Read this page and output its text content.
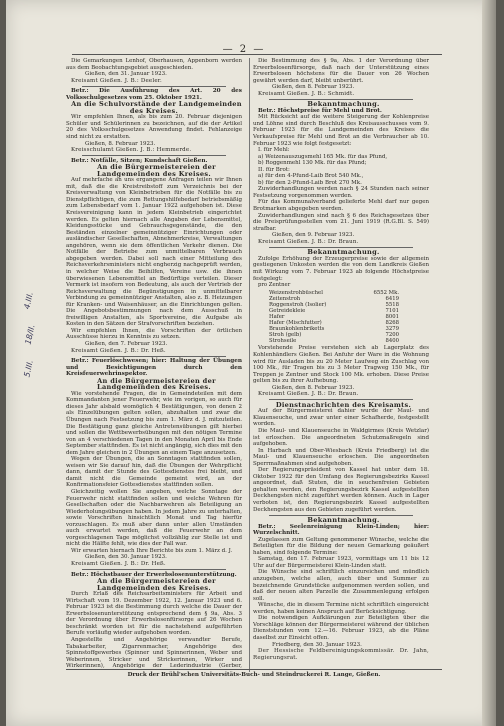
— 2 —

Die Gemarkungen Lenhof, Oberhausen, Appenborn werden aus dem Beobachtungsgebiet ausgeschieden.

Gießen, den 31. Januar 1923.

Kreisamt Gießen. J. B.: Deeler.

Betr.: Die Ausführung des Art. 20 des Volksschulgesetzes vom 25. Oktober 1921.

An die Schulvorstände der Landgemeinden des Kreises.

Wir empfehlen Ihnen, als bis zum 20. Februar diejenigen Schüler und Schülerinnen zu bezeichnen, auf die der Artikel 20 des Volksschulgesetzes Anwendung findet. Fehlanzeige sind nicht zu erstatten.

Gießen, 8. Februar 1923.

Kreisschulamt Gießen. J. B.: Hemmerde.

Betr.: Notfälle, Sitzen; Kundschaft Gießen.

An die Bürgermeistereien der Landgemeinden des Kreises.

Auf mehrfache an uns ergangene Anfragen teilen wir Ihnen mit, daß die die Kreistreibstoff zum Verzeichnis bei der Kreisverwaltung von Kleinbetrieben für die Notfälle bis zu Dienstpflichtigen, die zum Rettungshilfebedarf betriebsmäßig zum Lebensbedarf vom 1. Januar 1922 aufgehoben ist. Diese Kreisvereinigung kann in jedem Kleinbetrieb eingerichtet werden. Es gelten hiernach alle Angaben der Lebensmittel, Kleidungsstücke und Gebrauchsgegenstände, die den Beständen einzelner gemeinnütziger Einrichtungen oder ausländischer Gesellschaften, Abnehmerkreise, Verwaltungen angehören, wenn sie dem öffentlichen Verkehr dienen. Die Notfälle der Betriebe zum unmittelbaren Verbrauch abgegeben werden. Dabei soll nach einer Mitteilung des Reichsverkehrsministers nicht engherzig nachgeprüft werden, in welcher Weise die Beihilfen, Vereine usw. die ihnen überwiesenen Lebensmittel an Bedürftige verteilen. Dieser Vermerk ist insofern von Bedeutung, als auch der Vertrieb der Reichsverwaltung die Begünstigungen in unmittelbarer Verbindung zu gemeinnütziger Anstalten, also z. B. Heizungen für Kranken- und Waisenhäuser, an die Einrichtungen gelten. Die Angebotsbestimmungen nach dem Ausschuß in freiwilligen Anstalten, als Sportvereine, die Aufgabe als Kosten in den Sätzen der Strafvorschriften beziehen.

Wir empfehlen Ihnen, die Vorschriften der örtlichen Ausschüsse hierzu in Kenntnis zu setzen.

Gießen, den 7. Februar 1923.

Kreisamt Gießen. J. B.: Dr. Heß.

Betr.: Feuerlöschwesen; hier: Haltung der Übungen und Besichtigungen durch den Kreisfeuerwehrinspektor.

An die Bürgermeistereien der Landgemeinden des Kreises.

Wie vorstehende Fragen, die in Gemeindeteilen mit dem Kommandanten jener Feuerwehr, wie im vorigen, so auch für dieses Jahr alsbald womöglich 4 Bestätigungen, von denen 2 als Einzelübungen gelten sollen, abzuhalten und zwar die Übungen nach Festsetzung bis zum 1. März d. J. mitzuteilen. Die Bestätigung ganz gleiche Antretensübungen gilt hierbei und sollen die Wettbewerbsübungen mit den nötigen Termine von an 4 verschiedenen Tagen in den Monaten April bis Ende September stattfinden. Es ist nicht angängig, sich dies mit den dem Jahre gleichen in 2 Übungen an einem Tage anzusetzen.

Wegen der Übungen, die an Sonntagen stattfinden sollen, weisen wir Sie darauf hin, daß die Übungen der Wehrpflicht dann, damit der Stunde des Gottesdienstes frei bleibt, und damit nicht die Gemeinde gemeint wird, an der Konfirmationsfeier Gottesdienstes stattfinden sollen.

Gleichzeitig wollen Sie angeben, welche Sonntage der Feuerwehr nicht stattfinden sollen und welche Wehren für Gesellschaften oder die Nachbarwehren als Beteiligung an Wiederholungsübungen haben. In jedem Jahre zu unterhalten, sowie Vorschriften hinsichtlich Monat und Tag hierfür vorzuschlagen. Es muß aber dann unter allen Umständen auch erwartet werden, daß die Feuerwehr an dem vorgeschlagenen Tage möglichst vollzählig zur Stelle ist und nicht die Hälfte fehlt, wie dies der Fall war.

Wir erwarten hiernach Ihre Berichte bis zum 1. März d. J.

Gießen, den 30. Januar 1923.

Kreisamt Gießen. J. B.: Dr. Heß.

Betr.: Höchstbauer der Erwerbslosenunterstützung.

An die Bürgermeistereien der Landgemeinden des Kreises.

Durch Erlaß des Reichsarbeitsministers für Arbeit und Wirtschaft vom 19. Dezember 1922, 12. Januar 1923 und 6. Februar 1923 ist die Bestimmung durch welche die Dauer der Erwerbslosenunterstützung entsprechend dem § 9a, Abs. 3 der Verordnung über Erwerbslosenfürsorge auf 26 Wochen beschränkt worden ist für die nachstehend aufgeführten Berufe vorläufig wieder aufgehoben worden.

Angestellte und Angehörige verwandter Berufe, Tabakarbeiter, Zigarrenmacher, Angehörige des Spinnstoffgewerbes (Spinner und Spinnerinnen, Weber und Weberinnen, Stricker und Strickerinnen, Wirker und Wirkerinnen), Angehörige der Lederindustrie (Gerber,

Die Bestimmung des § 9a, Abs. 1 der Verordnung über Erwerbslosenfürsorge, daß nach der Unterstützung eines Erwerbslosen höchstens für die Dauer von 26 Wochen gewährt werden darf, bleibt unberührt.

Gießen, den 8. Februar 1923.

Kreisamt Gießen. J. B.: Schmidt.

Bekanntmachung.

Betr.: Höchstpreise für Mehl und Brot.

Mit Rücksicht auf die weitere Steigerung der Kohlenpreise und Löhne sind durch Beschluß des Kreisausschusses vom 9. Februar 1923 für die Landgemeinden des Kreises die Verkaufspreise für Mehl und Brot an die Verbraucher ab 10. Februar 1923 wie folgt festgesetzt:

I. für Mehl:

a) Weizenauszugsmehl 165 Mk. für das Pfund,

b) Roggenmehl 130 Mk. für das Pfund;

II. für Brot:

a) für den 4-Pfund-Laib Brot 540 Mk.,

b) für den 2-Pfund-Laib Brot 270 Mk.

Zuwiderhandlungen werden nach § 24 Stunden nach seiner Festsetzung vorgenommen werden.

Für das Kommunalverband gelieferte Mehl darf nur gegen Brotmarken abgegeben werden.

Zuwiderhandlungen sind nach § 6 des Reichsgesetzes über die Preisprüfungsstellen vom 21. Juni 1919 (R.G.Bl. S. 549) strafbar.

Gießen, den 9. Februar 1923.

Kreisamt Gießen. J. B.: Dr. Braun.

Bekanntmachung.

Zufolge Erhöhung der Erzeugerpreise sowie der allgemein gestiegenen Unkosten werden die von dem Landkreis Gießen mit Wirkung vom 7. Februar 1923 ab folgende Höchstpreise festgelegt:

pro Zentner

Weizenstrohbüschel	6552 Mk.
Zeitenstroh	6419
Roggenstroh (Isolier)	5518
Getreidekleie	7101
Hafer	8001
Hafer (Mischfutter)	8268
Braunkohlenbriketts	3279
Stroh (gelb)	7200
Strohseile	8400

Vorstehende Preise verstehen sich ab Lagerplatz des Kohlenhändlers Gießen. Bei Anfuhr der Ware in die Wohnung wird für Ausladen bis zu 20 Meter Laufweg ein Zuschlag von 100 Mk., für Tragen bis zu 3 Meter Tragweg 150 Mk., für Treppen je Zentner und Stock 100 Mk. erhoben. Diese Preise gelten bis zu ihrer Aufhebung.

Gießen, den 8. Februar 1923.

Kreisamt Gießen. J. B.: Dr. Braun.

Dienstnachrichten des Kreisamts.

Auf der Bürgermeisterei dahier wurde der Maul- und Klauenseuche, und zwar unter einer Schafherde, festgestellt worden.

Die Maul- und Klauenseuche in Waldgirmes (Kreis Wetzlar) ist erloschen. Die angeordneten Schutzmaßregeln sind aufgehoben.

In Harbach und Ober-Wiesbach (Kreis Friedberg) ist die Maul- und Klauenseuche erloschen. Die angeordneten Sperrmaßnahmen sind aufgehoben.

Der Regierungspräsident von Kassel hat unter dem 18. Oktober 1922 für den Umfang des Regierungsbezirks Kassel angeordnet, daß Stuten, die in seuchenfreien Gebieten gehalten werden, den Regierungsbezirk Kassel aufgestellten Deckhengsten nicht zugeführt werden können. Auch in Lager verboten ist, den Regierungsbezirk Kassel aufgestellten Deckhengsten aus den Gebieten zugeführt werden.

Bekanntmachung.

Betr.: Seelenreinigung Klein-Linden; hier: Wurzelschnitt.

Zugelassen zum Geltung genommener Wünsche, welche die Beteiligten für die Bildung der neuen Gemarkung geäußert haben, sind folgende Termine:

Samstag, den 17. Februar 1923, vormittags um 11 bis 12 Uhr auf der Bürgermeisterei Klein-Linden statt.

Die Wünsche sind schriftlich einzureichen und mündlich anzugeben, welche allen, auch über und Summer zu bezeichnende Grundstücke aufgenommen werden sollen, und daß der neuen alten Parzelle die Zusammenlegung erfolgen soll.

Wünsche, die in diesem Termine nicht schriftlich eingereicht werden, haben keinen Anspruch auf Berücksichtigung.

Die notwendigen Aufklärungen zur Beteiligten über die Vorschläge können der Bürgermeisterei während der üblichen Dienststunden vom 12.—16. Februar 1923, ab die Pläne daselbst zur Einsicht offen.

Friedberg, den 30. Januar 1923.

Der Hessische Feldbereinigungskommissär. Dr. Jahn, Regierungsrat.

Druck der Brühl'schen Universitäts-Buch- und Steindruckerei R. Lange, Gießen.
4.III.
18/II.
5.III.
